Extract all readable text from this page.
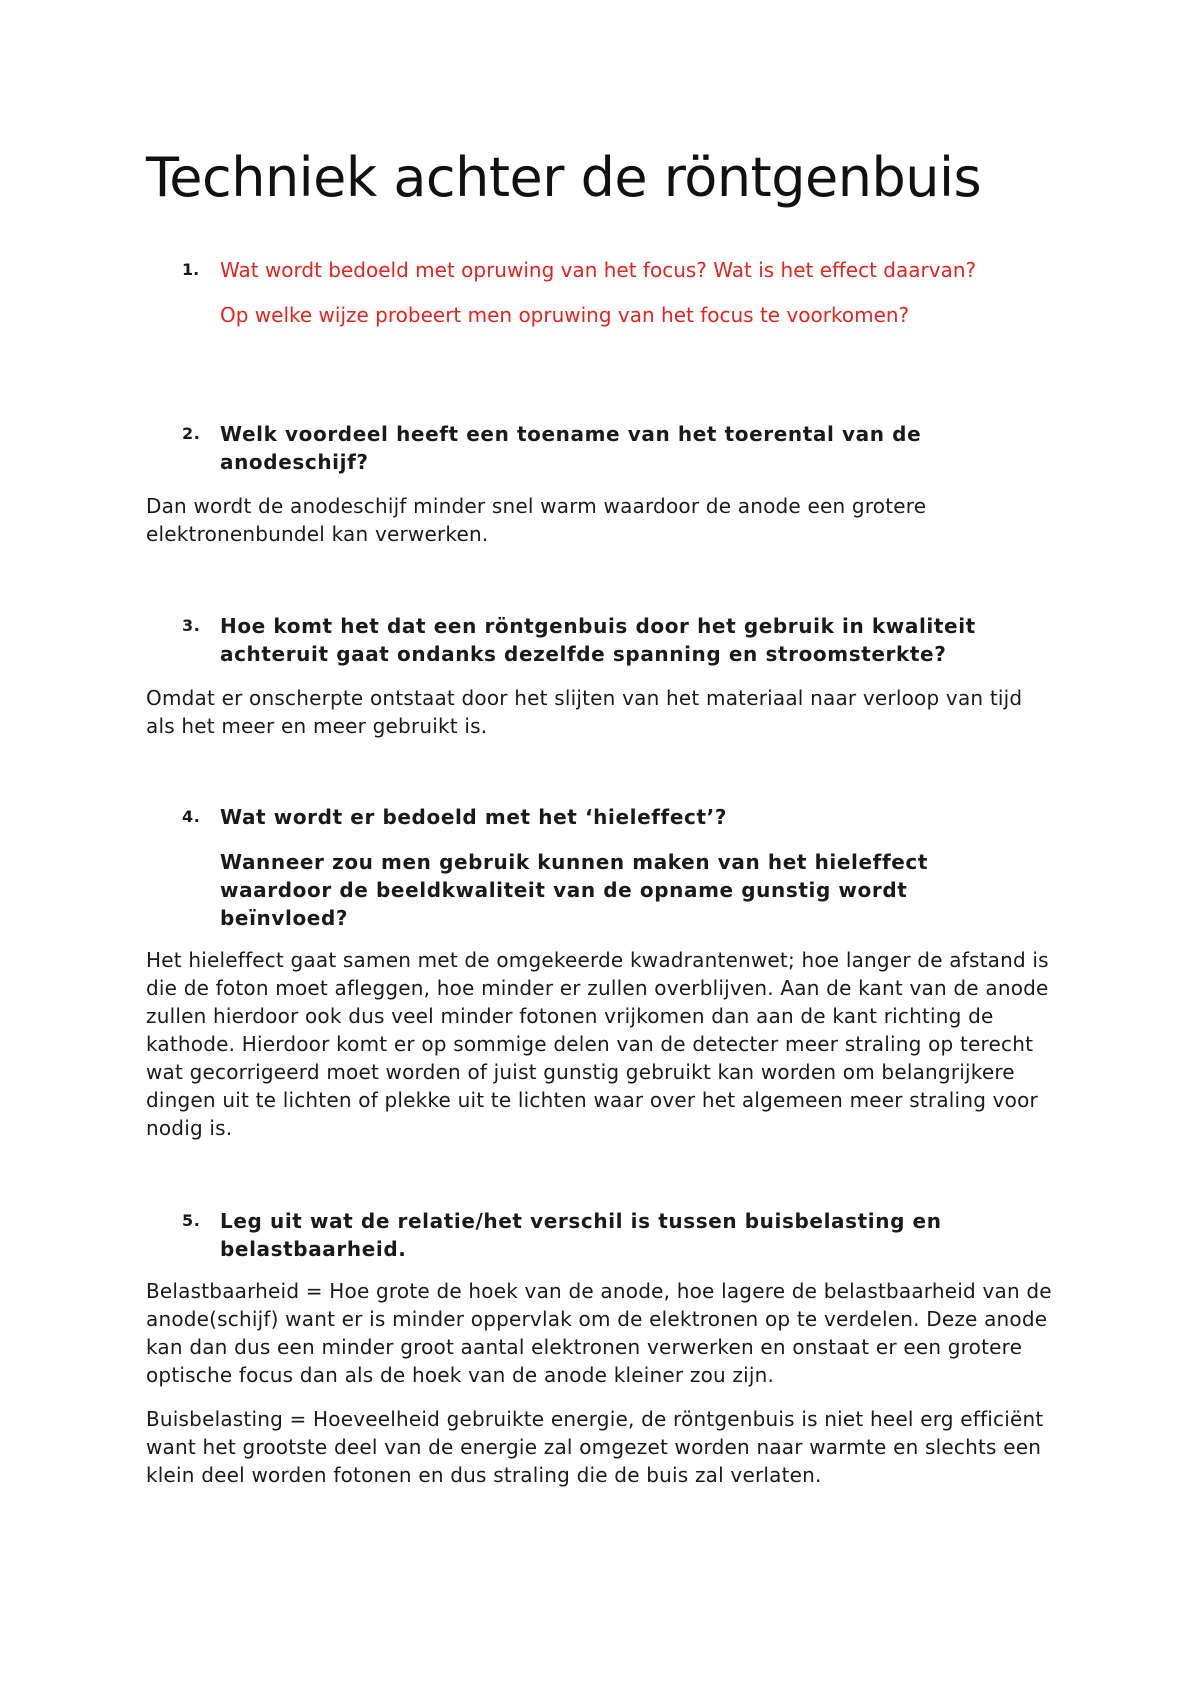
Techniek achter de röntgenbuis

1. Wat wordt bedoeld met opruwing van het focus? Wat is het effect daarvan?

Op welke wijze probeert men opruwing van het focus te voorkomen?

2. Welk voordeel heeft een toename van het toerental van de anodeschijf?

Dan wordt de anodeschijf minder snel warm waardoor de anode een grotere elektronenbundel kan verwerken.

3. Hoe komt het dat een röntgenbuis door het gebruik in kwaliteit achteruit gaat ondanks dezelfde spanning en stroomsterkte?

Omdat er onscherpte ontstaat door het slijten van het materiaal naar verloop van tijd als het meer en meer gebruikt is.

4. Wat wordt er bedoeld met het ‘hieleffect’?

Wanneer zou men gebruik kunnen maken van het hieleffect waardoor de beeldkwaliteit van de opname gunstig wordt beïnvloed?

Het hieleffect gaat samen met de omgekeerde kwadrantenwet; hoe langer de afstand is die de foton moet afleggen, hoe minder er zullen overblijven. Aan de kant van de anode zullen hierdoor ook dus veel minder fotonen vrijkomen dan aan de kant richting de kathode. Hierdoor komt er op sommige delen van de detecter meer straling op terecht wat gecorrigeerd moet worden of juist gunstig gebruikt kan worden om belangrijkere dingen uit te lichten of plekke uit te lichten waar over het algemeen meer straling voor nodig is.

5. Leg uit wat de relatie/het verschil is tussen buisbelasting en belastbaarheid.

Belastbaarheid = Hoe grote de hoek van de anode, hoe lagere de belastbaarheid van de anode(schijf) want er is minder oppervlak om de elektronen op te verdelen. Deze anode kan dan dus een minder groot aantal elektronen verwerken en onstaat er een grotere optische focus dan als de hoek van de anode kleiner zou zijn.

Buisbelasting = Hoeveelheid gebruikte energie, de röntgenbuis is niet heel erg efficiënt want het grootste deel van de energie zal omgezet worden naar warmte en slechts een klein deel worden fotonen en dus straling die de buis zal verlaten.
